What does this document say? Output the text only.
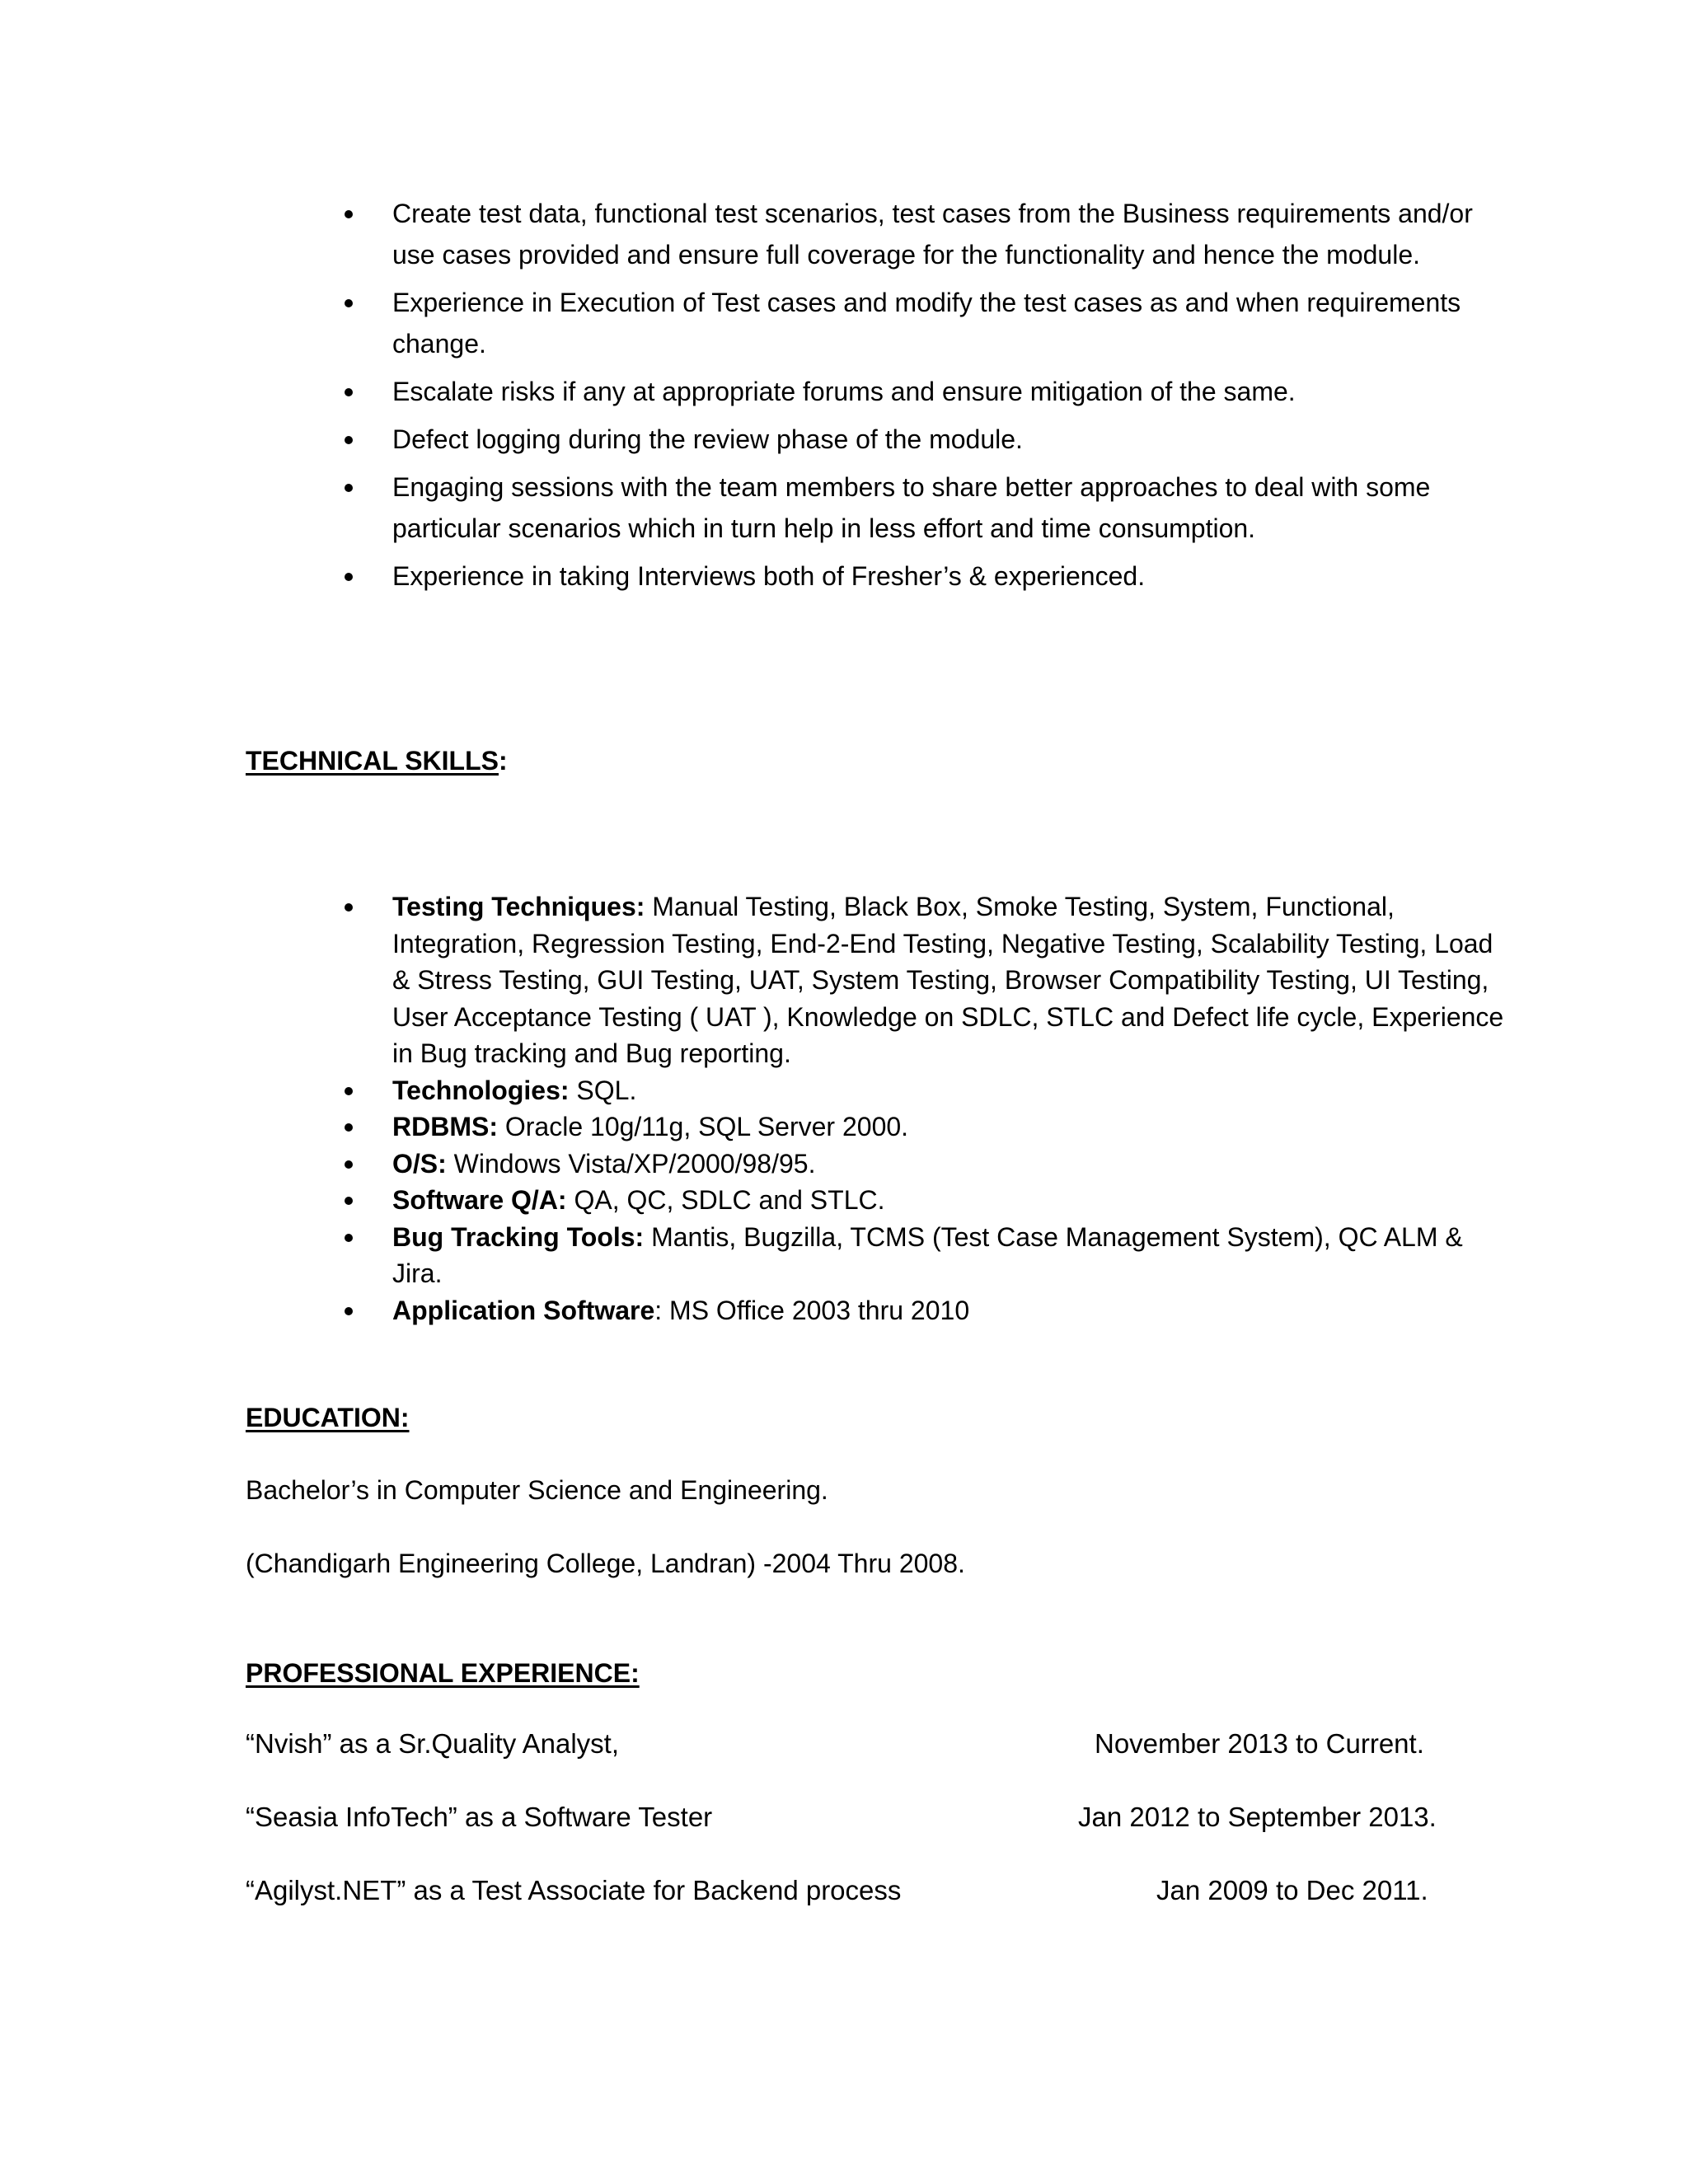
Create test data, functional test scenarios, test cases from the Business requirements and/or use cases provided and ensure full coverage for the functionality and hence the module.
Experience in Execution of Test cases and modify the test cases as and when requirements change.
Escalate risks if any at appropriate forums and ensure mitigation of the same.
Defect logging during the review phase of the module.
Engaging sessions with the team members to share better approaches to deal with some particular scenarios which in turn help in less effort and time consumption.
Experience in taking Interviews both of Fresher’s & experienced.

TECHNICAL SKILLS:

Testing Techniques: Manual Testing, Black Box, Smoke Testing, System, Functional, Integration, Regression Testing, End-2-End Testing, Negative Testing, Scalability Testing, Load & Stress Testing, GUI Testing, UAT, System Testing, Browser Compatibility Testing, UI Testing, User Acceptance Testing ( UAT ), Knowledge on SDLC, STLC and Defect life cycle, Experience in Bug tracking and Bug reporting.
Technologies: SQL.
RDBMS: Oracle 10g/11g, SQL Server 2000.
O/S: Windows Vista/XP/2000/98/95.
Software Q/A: QA, QC, SDLC and STLC.
Bug Tracking Tools: Mantis, Bugzilla, TCMS (Test Case Management System), QC ALM & Jira.
Application Software: MS Office 2003 thru 2010

EDUCATION:

Bachelor’s in Computer Science and Engineering.

(Chandigarh Engineering College, Landran) -2004 Thru 2008.

PROFESSIONAL EXPERIENCE:

“Nvish” as a Sr.Quality Analyst,	November 2013 to Current.
“Seasia InfoTech” as a Software Tester	Jan 2012 to September 2013.
“Agilyst.NET” as a Test Associate for Backend process	Jan 2009 to Dec 2011.
